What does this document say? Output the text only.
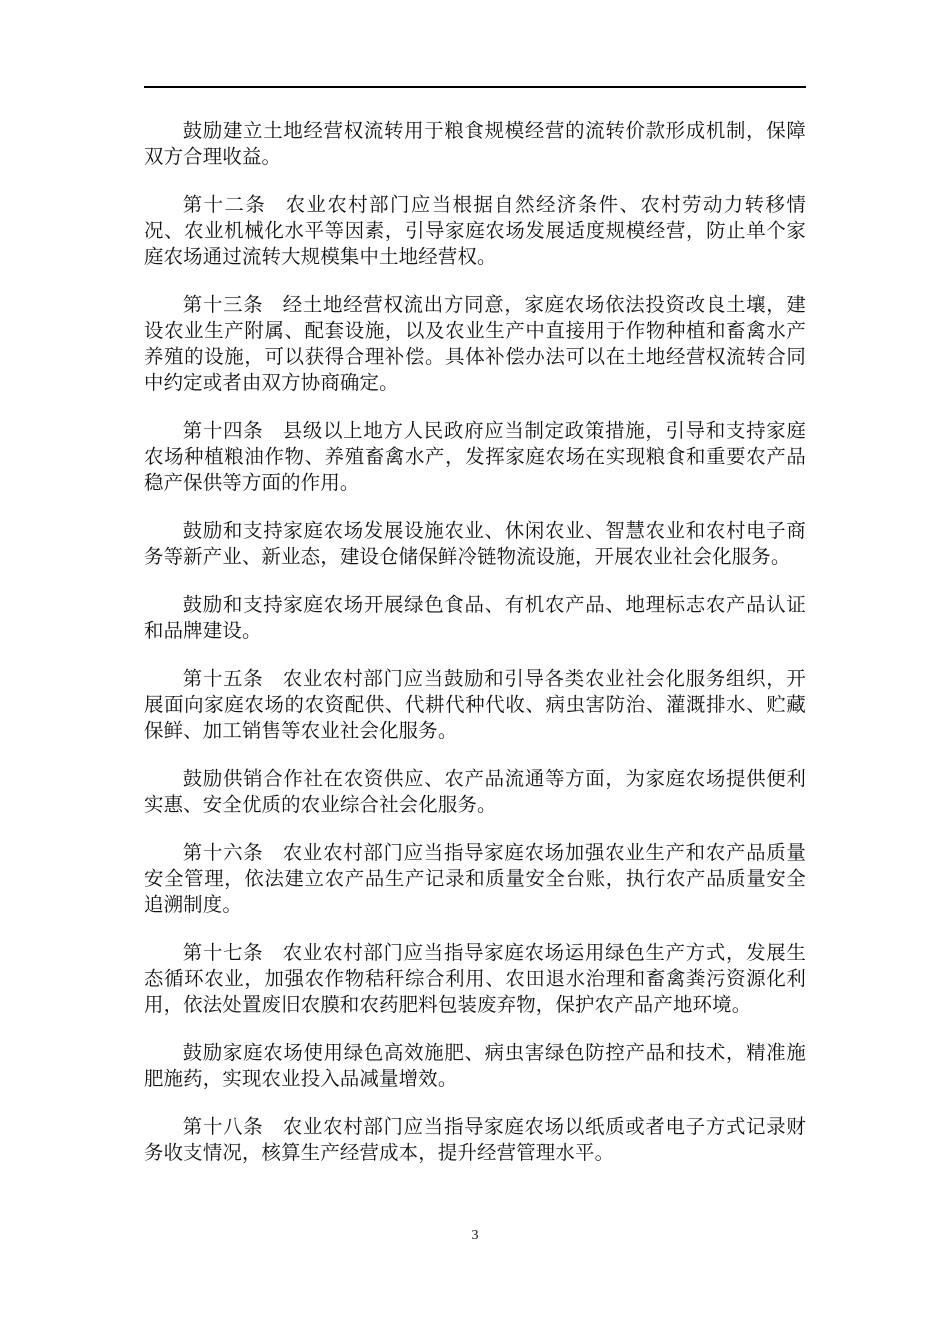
鼓励建立土地经营权流转用于粮食规模经营的流转价款形成机制，保障双方合理收益。

第十二条 农业农村部门应当根据自然经济条件、农村劳动力转移情况、农业机械化水平等因素，引导家庭农场发展适度规模经营，防止单个家庭农场通过流转大规模集中土地经营权。

第十三条 经土地经营权流出方同意，家庭农场依法投资改良土壤，建设农业生产附属、配套设施，以及农业生产中直接用于作物种植和畜禽水产养殖的设施，可以获得合理补偿。具体补偿办法可以在土地经营权流转合同中约定或者由双方协商确定。

第十四条 县级以上地方人民政府应当制定政策措施，引导和支持家庭农场种植粮油作物、养殖畜禽水产，发挥家庭农场在实现粮食和重要农产品稳产保供等方面的作用。

鼓励和支持家庭农场发展设施农业、休闲农业、智慧农业和农村电子商务等新产业、新业态，建设仓储保鲜冷链物流设施，开展农业社会化服务。

鼓励和支持家庭农场开展绿色食品、有机农产品、地理标志农产品认证和品牌建设。

第十五条 农业农村部门应当鼓励和引导各类农业社会化服务组织，开展面向家庭农场的农资配供、代耕代种代收、病虫害防治、灌溉排水、贮藏保鲜、加工销售等农业社会化服务。

鼓励供销合作社在农资供应、农产品流通等方面，为家庭农场提供便利实惠、安全优质的农业综合社会化服务。

第十六条 农业农村部门应当指导家庭农场加强农业生产和农产品质量安全管理，依法建立农产品生产记录和质量安全台账，执行农产品质量安全追溯制度。

第十七条 农业农村部门应当指导家庭农场运用绿色生产方式，发展生态循环农业，加强农作物秸秆综合利用、农田退水治理和畜禽粪污资源化利用，依法处置废旧农膜和农药肥料包装废弃物，保护农产品产地环境。

鼓励家庭农场使用绿色高效施肥、病虫害绿色防控产品和技术，精准施肥施药，实现农业投入品减量增效。

第十八条 农业农村部门应当指导家庭农场以纸质或者电子方式记录财务收支情况，核算生产经营成本，提升经营管理水平。

3
